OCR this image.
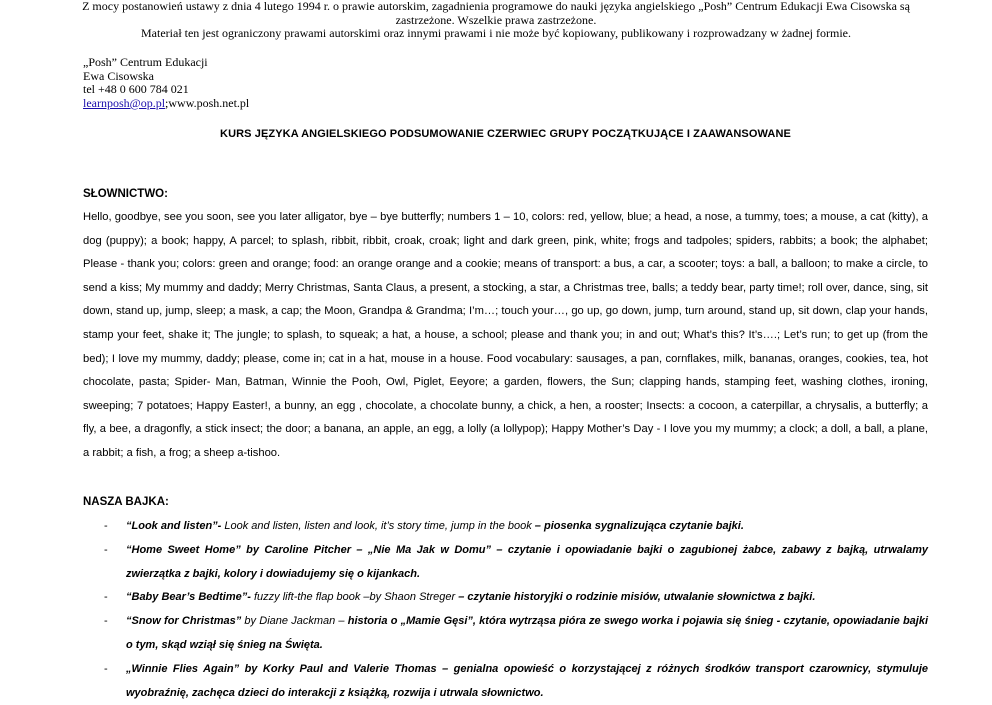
Z mocy postanowień ustawy z dnia 4 lutego 1994 r. o prawie autorskim, zagadnienia programowe do nauki języka angielskiego „Posh” Centrum Edukacji Ewa Cisowska są
zastrzeżone. Wszelkie prawa zastrzeżone.
Materiał ten jest ograniczony prawami autorskimi oraz innymi prawami i nie może być kopiowany, publikowany i rozprowadzany w żadnej formie.
„Posh” Centrum Edukacji
Ewa Cisowska
tel +48 0 600 784 021
learnposh@op.pl;www.posh.net.pl
KURS JĘZYKA ANGIELSKIEGO PODSUMOWANIE CZERWIEC GRUPY POCZĄTKUJĄCE I ZAAWANSOWANE
SŁOWNICTWO:
Hello, goodbye, see you soon, see you later alligator, bye – bye butterfly; numbers 1 – 10, colors: red, yellow, blue; a head, a nose, a tummy, toes; a mouse, a cat (kitty), a dog (puppy); a book; happy, A parcel; to splash, ribbit, ribbit, croak, croak; light and dark green, pink, white; frogs and tadpoles; spiders, rabbits; a book; the alphabet; Please - thank you; colors: green and orange; food: an orange orange and a cookie; means of transport: a bus, a car, a scooter; toys: a ball, a balloon; to make a circle, to send a kiss; My mummy and daddy; Merry Christmas, Santa Claus, a present, a stocking, a star, a Christmas tree, balls; a teddy bear, party time!; roll over, dance, sing, sit down, stand up, jump, sleep; a mask, a cap; the Moon, Grandpa & Grandma; I’m…; touch your…, go up, go down, jump, turn around, stand up, sit down, clap your hands, stamp your feet, shake it; The jungle; to splash, to squeak; a hat, a house, a school; please and thank you; in and out; What’s this? It’s….; Let’s run; to get up (from the bed); I love my mummy, daddy; please, come in; cat in a hat, mouse in a house. Food vocabulary: sausages, a pan, cornflakes, milk, bananas, oranges, cookies, tea, hot chocolate, pasta; Spider- Man, Batman, Winnie the Pooh, Owl, Piglet, Eeyore; a garden, flowers, the Sun; clapping hands, stamping feet, washing clothes, ironing, sweeping; 7 potatoes; Happy Easter!, a bunny, an egg , chocolate, a chocolate bunny, a chick, a hen, a rooster; Insects: a cocoon, a caterpillar, a chrysalis, a butterfly; a fly, a bee, a dragonfly, a stick insect; the door; a banana, an apple, an egg, a lolly (a lollypop); Happy Mother’s Day - I love you my mummy; a clock; a doll, a ball, a plane, a rabbit; a fish, a frog; a sheep a-tishoo.
NASZA BAJKA:
- “Look and listen”- Look and listen, listen and look, it’s story time, jump in the book – piosenka sygnalizująca czytanie bajki.
- “Home Sweet Home” by Caroline Pitcher – „Nie Ma Jak w Domu” – czytanie i opowiadanie bajki o zagubionej żabce, zabawy z bajką, utrwalamy zwierzątka z bajki, kolory i dowiadujemy się o kijankach.
- “Baby Bear’s Bedtime”- fuzzy lift-the flap book –by Shaon Streger – czytanie historyjki o rodzinie misiów, utwalanie słownictwa z bajki.
- “Snow for Christmas” by Diane Jackman – historia o „Mamie Gęsi”, która wytrząsa pióra ze swego worka i pojawia się śnieg - czytanie, opowiadanie bajki o tym, skąd wziął się śnieg na Święta.
- „Winnie Flies Again” by Korky Paul and Valerie Thomas – genialna opowieść o korzystającej z różnych środków transport czarownicy, stymuluje wyobraźnię, zachęca dzieci do interakcji z książką, rozwija i utrwala słownictwo.
